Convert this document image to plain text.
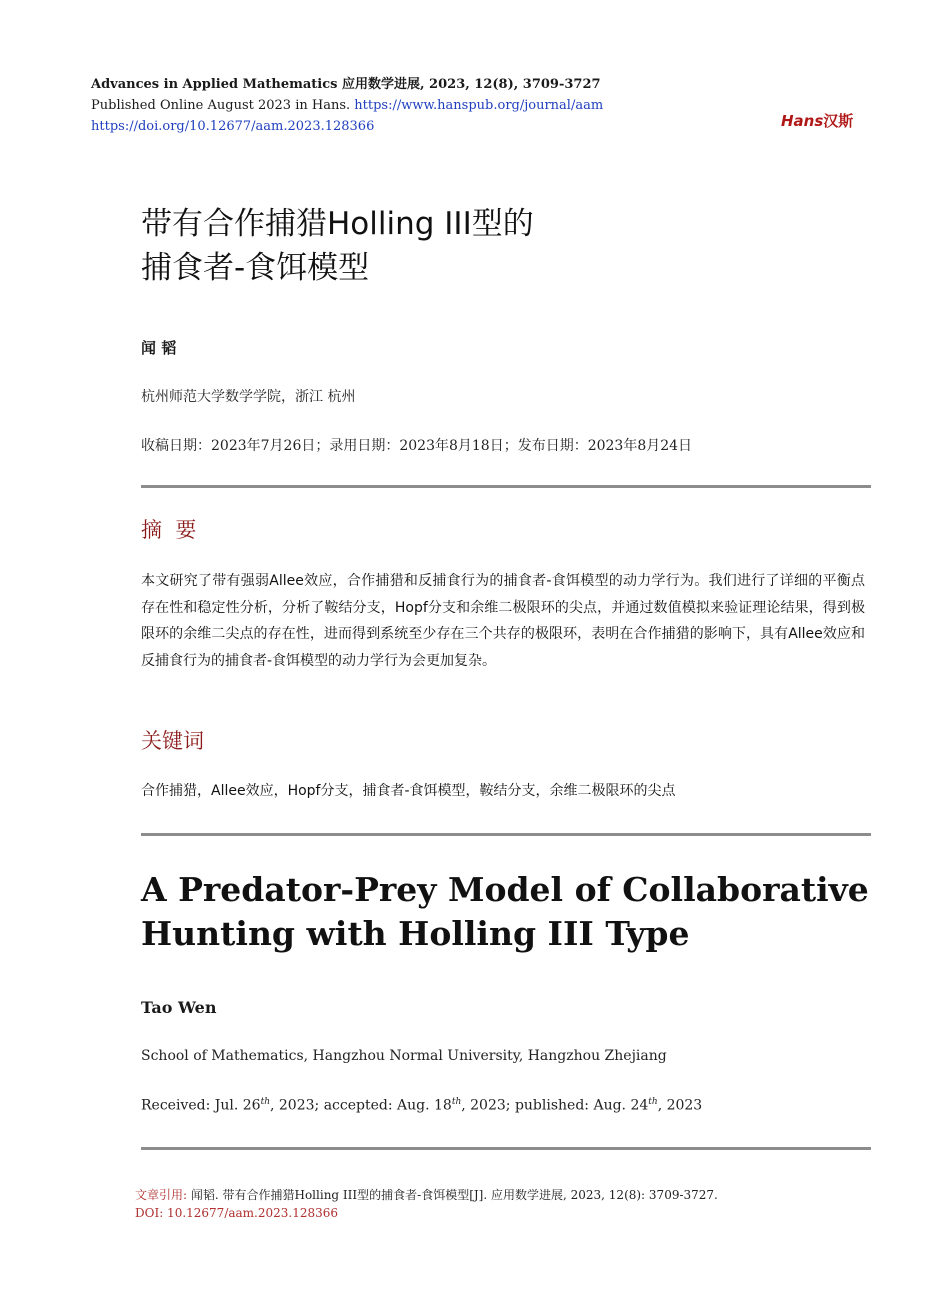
Advances in Applied Mathematics 应用数学进展, 2023, 12(8), 3709-3727
Published Online August 2023 in Hans. https://www.hanspub.org/journal/aam
https://doi.org/10.12677/aam.2023.128366	Hans汉斯
带有合作捕猎Holling III型的
捕食者-食饵模型
闻 韬
杭州师范大学数学学院，浙江 杭州
收稿日期：2023年7月26日；录用日期：2023年8月18日；发布日期：2023年8月24日
摘  要
本文研究了带有强弱Allee效应，合作捕猎和反捕食行为的捕食者-食饵模型的动力学行为。我们进行了详细的平衡点存在性和稳定性分析，分析了鞍结分支，Hopf分支和余维二极限环的尖点，并通过数值模拟来验证理论结果，得到极限环的余维二尖点的存在性，进而得到系统至少存在三个共存的极限环，表明在合作捕猎的影响下，具有Allee效应和反捕食行为的捕食者-食饵模型的动力学行为会更加复杂。
关键词
合作捕猎，Allee效应，Hopf分支，捕食者-食饵模型，鞍结分支，余维二极限环的尖点
A Predator-Prey Model of Collaborative
Hunting with Holling III Type
Tao Wen
School of Mathematics, Hangzhou Normal University, Hangzhou Zhejiang
Received: Jul. 26th, 2023; accepted: Aug. 18th, 2023; published: Aug. 24th, 2023
文章引用: 闻韬. 带有合作捕猎Holling III型的捕食者-食饵模型[J]. 应用数学进展, 2023, 12(8): 3709-3727.
DOI: 10.12677/aam.2023.128366
